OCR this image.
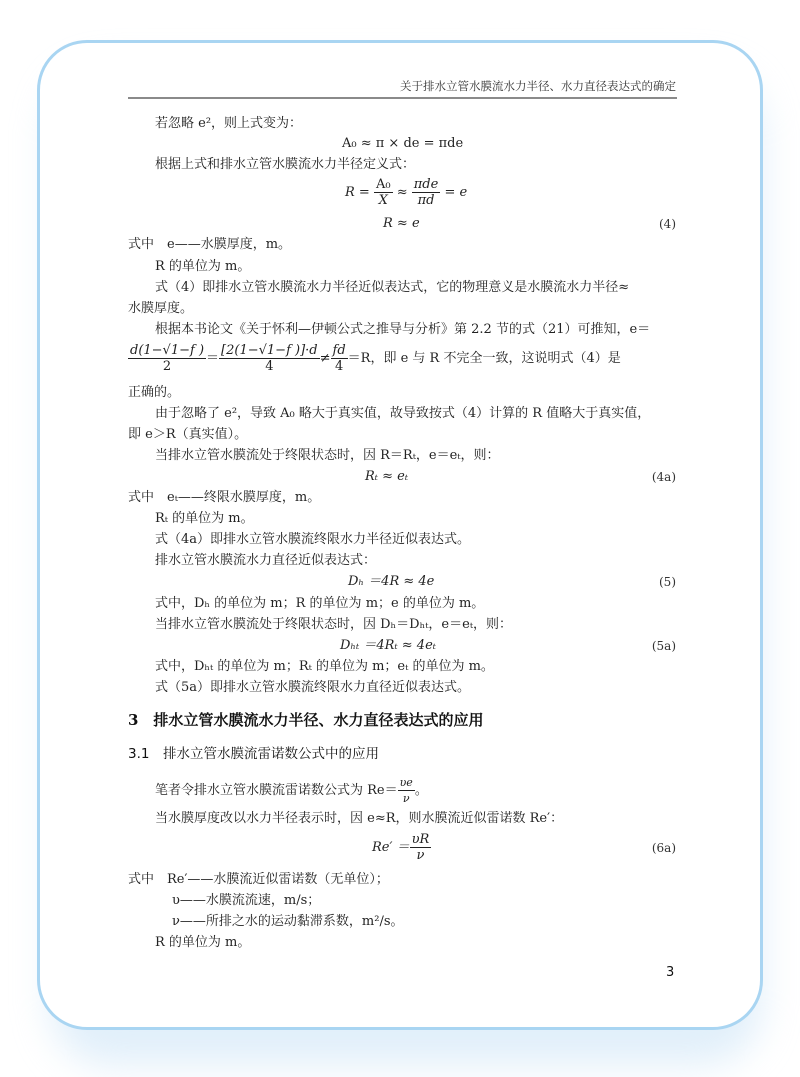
关于排水立管水膜流水力半径、水力直径表达式的确定
若忽略 e²，则上式变为：
A₀ ≈ π × de = πde
根据上式和排水立管水膜流水力半径定义式：
$R = \frac{\text{A₀}}{X} \approx \frac{\text{πde}}{\pi d} = e$
R ≈ e	(4)
式中　e——水膜厚度，m。
R 的单位为 m。
式（4）即排水立管水膜流水力半径近似表达式，它的物理意义是水膜流水力半径≈
水膜厚度。
根据本书论文《关于怀利—伊顿公式之推导与分析》第 2.2 节的式（21）可推知，e＝
$\frac{d(1-√1-f )}{2} = \frac{[2(1-√1-f )]\cdot d}{4} \ne \frac{fd}{4} =R$，即 e 与 R 不完全一致，这说明式（4）是
正确的。
由于忽略了 e²，导致 A₀ 略大于真实值，故导致按式（4）计算的 R 值略大于真实值，
即 e＞R（真实值）。
当排水立管水膜流处于终限状态时，因 R＝Rₜ，e＝eₜ，则：
Rₜ ≈ eₜ	(4a)
式中　eₜ——终限水膜厚度，m。
Rₜ 的单位为 m。
式（4a）即排水立管水膜流终限水力半径近似表达式。
排水立管水膜流水力直径近似表达式：
Dₕ ＝4R ≈ 4e	(5)
式中，Dₕ 的单位为 m；R 的单位为 m；e 的单位为 m。
当排水立管水膜流处于终限状态时，因 Dₕ＝Dₕₜ，e＝eₜ，则：
Dₕₜ ＝4Rₜ ≈ 4eₜ	(5a)
式中，Dₕₜ 的单位为 m；Rₜ 的单位为 m；eₜ 的单位为 m。
式（5a）即排水立管水膜流终限水力直径近似表达式。
3　排水立管水膜流水力半径、水力直径表达式的应用
3.1　排水立管水膜流雷诺数公式中的应用
笔者令排水立管水膜流雷诺数公式为 $Re= \frac{\upsilon e}{\nu}$ 。
当水膜厚度改以水力半径表示时，因 e≈R，则水膜流近似雷诺数 Re′：
$Re' = \frac{\upsilon R}{\nu}$	(6a)
式中　Re′——水膜流近似雷诺数（无单位）；
υ——水膜流流速，m/s；
ν——所排之水的运动黏滞系数，m²/s。
R 的单位为 m。
3
